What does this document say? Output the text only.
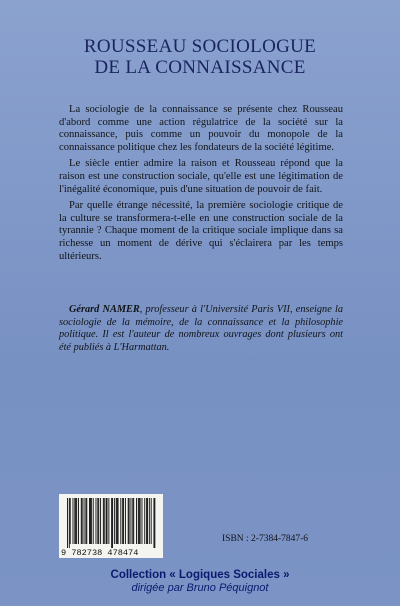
ROUSSEAU SOCIOLOGUE
DE LA CONNAISSANCE

La sociologie de la connaissance se présente chez Rousseau d'abord comme une action régulatrice de la société sur la connaissance, puis comme un pouvoir du monopole de la connaissance politique chez les fondateurs de la société légitime.

Le siècle entier admire la raison et Rousseau répond que la raison est une construction sociale, qu'elle est une légitimation de l'inégalité économique, puis d'une situation de pouvoir de fait.

Par quelle étrange nécessité, la première sociologie critique de la culture se transformera-t-elle en une construction sociale de la tyrannie ? Chaque moment de la critique sociale implique dans sa richesse un moment de dérive qui s'éclairera par les temps ultérieurs.

Gérard NAMER, professeur à l'Université Paris VII, enseigne la sociologie de la mémoire, de la connaissance et la philosophie politique. Il est l'auteur de nombreux ouvrages dont plusieurs ont été publiés à L'Harmattan.

9 782738 478474
ISBN : 2-7384-7847-6
Collection « Logiques Sociales »
dirigée par Bruno Péquignot
